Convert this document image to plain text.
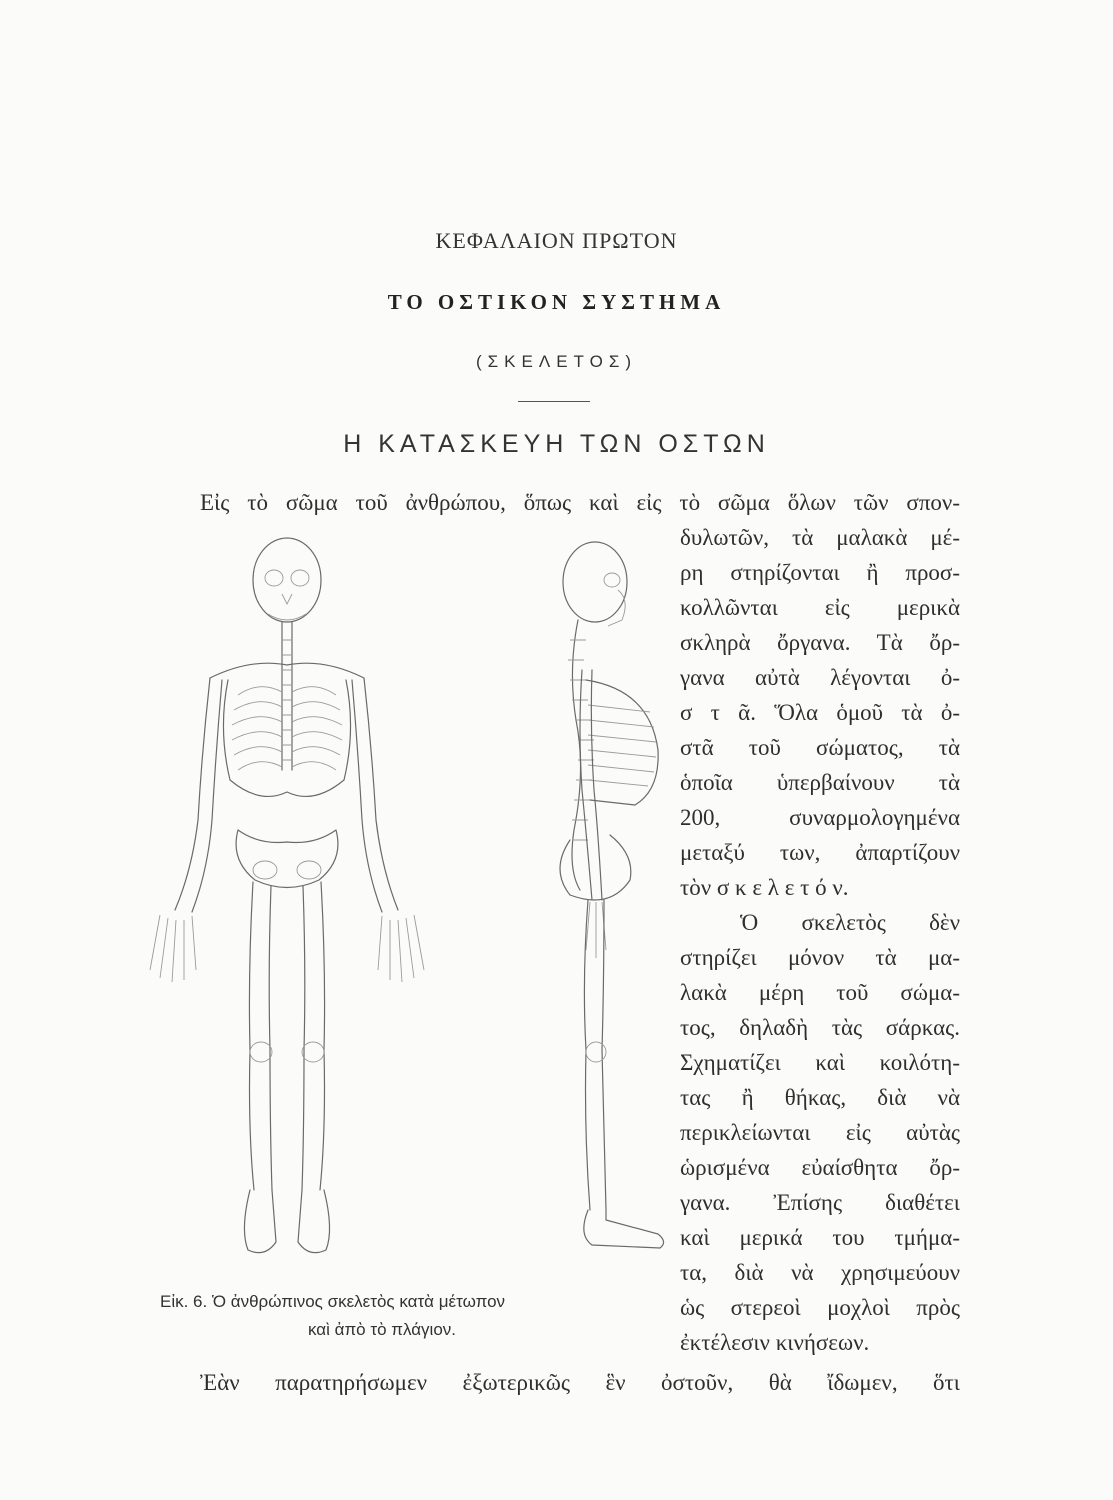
ΚΕΦΑΛΑΙΟΝ ΠΡΩΤΟΝ
ΤΟ ΟΣΤΙΚΟΝ ΣΥΣΤΗΜΑ
(ΣΚΕΛΕΤΟΣ)
Η ΚΑΤΑΣΚΕΥΗ ΤΩΝ ΟΣΤΩΝ
Εἰς τὸ σῶμα τοῦ ἀνθρώπου, ὅπως καὶ εἰς τὸ σῶμα ὅλων τῶν σπον-
δυλωτῶν, τὰ μαλακὰ μέ-
ρη στηρίζονται ἢ προσ-
κολλῶνται εἰς μερικὰ
σκληρὰ ὄργανα. Τὰ ὄρ-
γανα αὐτὰ λέγονται ὀ-
σ τ ᾶ. Ὅλα ὁμοῦ τὰ ὀ-
στᾶ τοῦ σώματος, τὰ
ὁποῖα ὑπερβαίνουν τὰ
200, συναρμολογημένα
μεταξύ των, ἀπαρτίζουν
τὸν σ κ ε λ ε τ ό ν.
Ὁ σκελετὸς δὲν
στηρίζει μόνον τὰ μα-
λακὰ μέρη τοῦ σώμα-
τος, δηλαδὴ τὰς σάρκας.
Σχηματίζει καὶ κοιλότη-
τας ἢ θήκας, διὰ νὰ
περικλείωνται εἰς αὐτὰς
ὡρισμένα εὐαίσθητα ὄρ-
γανα. Ἐπίσης διαθέτει
καὶ μερικά του τμήμα-
τα, διὰ νὰ χρησιμεύουν
ὡς στερεοὶ μοχλοὶ πρὸς
ἐκτέλεσιν κινήσεων.
Ἐὰν παρατηρήσωμεν ἐξωτερικῶς ἓν ὀστοῦν, θὰ ἴδωμεν, ὅτι
Εἰκ. 6. Ὁ ἀνθρώπινος σκελετὸς κατὰ μέτωπον
καὶ ἀπὸ τὸ πλάγιον.
